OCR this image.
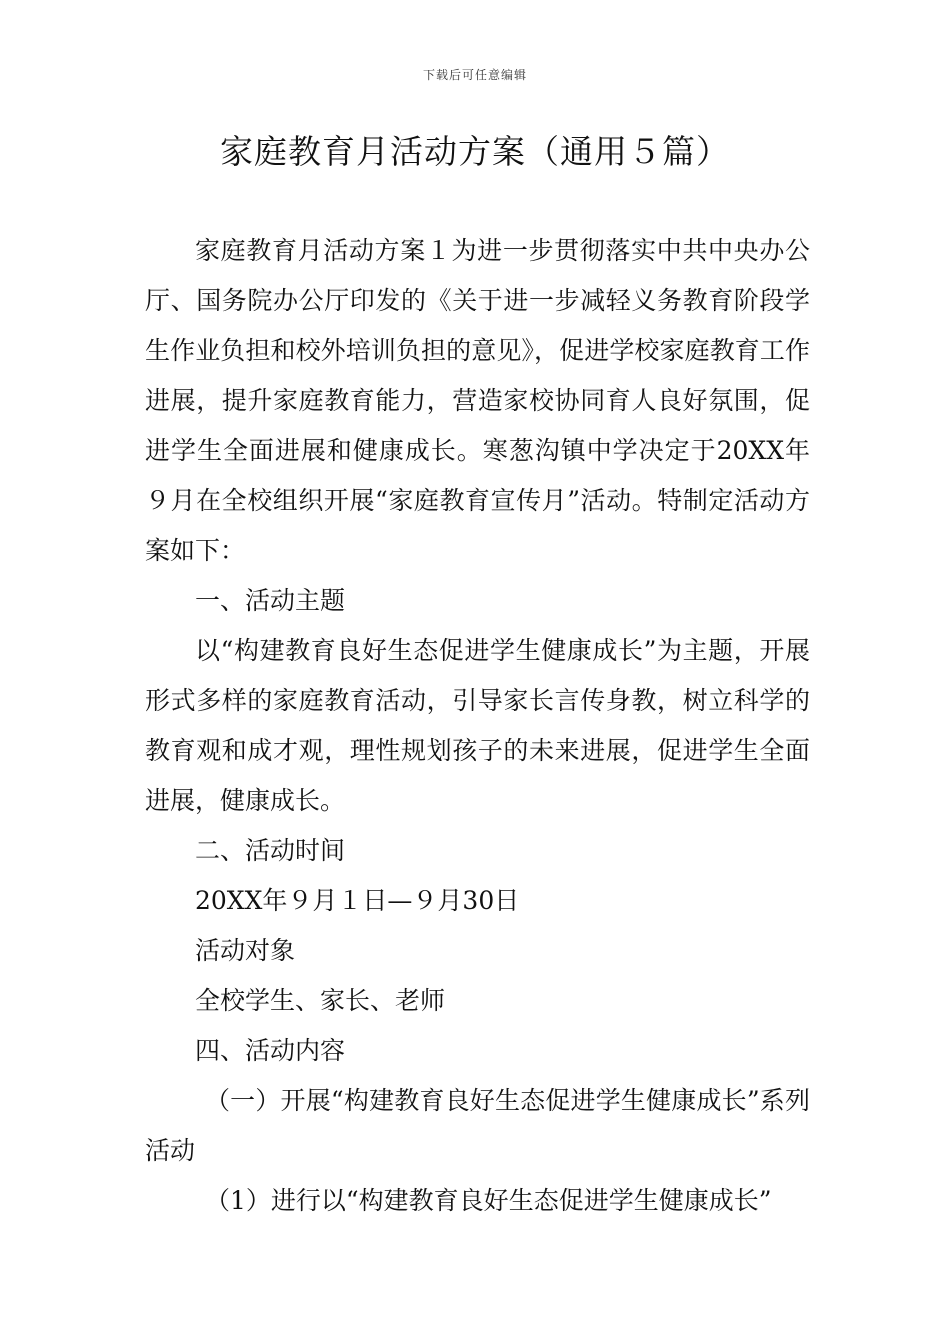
下载后可任意编辑
家庭教育月活动方案（通用５篇）

家庭教育月活动方案１为进一步贯彻落实中共中央办公厅、国务院办公厅印发的《关于进一步减轻义务教育阶段学生作业负担和校外培训负担的意见》，促进学校家庭教育工作进展，提升家庭教育能力，营造家校协同育人良好氛围，促进学生全面进展和健康成长。寒葱沟镇中学决定于20XX年９月在全校组织开展“家庭教育宣传月”活动。特制定活动方案如下：

一、活动主题

以“构建教育良好生态促进学生健康成长”为主题，开展形式多样的家庭教育活动，引导家长言传身教，树立科学的教育观和成才观，理性规划孩子的未来进展，促进学生全面进展，健康成长。

二、活动时间

20XX年９月１日—９月30日

活动对象

全校学生、家长、老师

四、活动内容

（一）开展“构建教育良好生态促进学生健康成长”系列活动

（1）进行以“构建教育良好生态促进学生健康成长”
